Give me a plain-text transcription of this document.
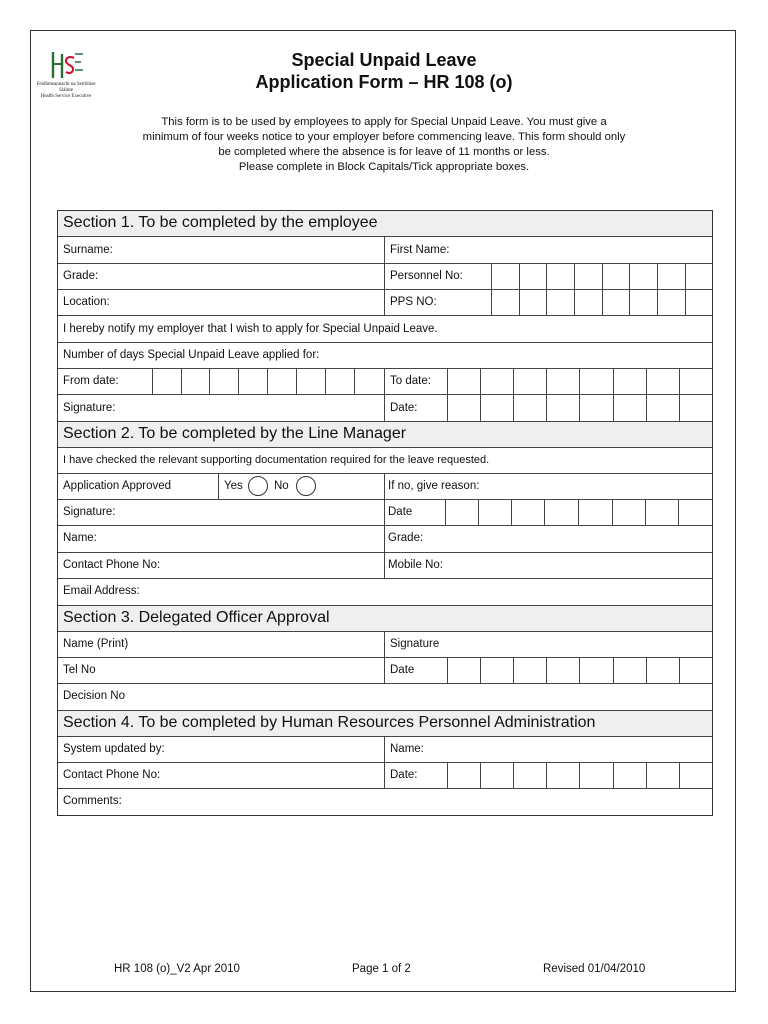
Feidhmeannacht na Seirbhíse Sláinte
Health Service Executive
Special Unpaid Leave
Application Form – HR 108 (o)
This form is to be used by employees to apply for Special Unpaid Leave. You must give a
minimum of four weeks notice to your employer before commencing leave. This form should only
be completed where the absence is for leave of 11 months or less.
Please complete in Block Capitals/Tick appropriate boxes.
Section 1. To be completed by the employee
Surname:	First Name:
Grade:	Personnel No:
Location:	PPS NO:
I hereby notify my employer that I wish to apply for Special Unpaid Leave.
Number of days Special Unpaid Leave applied for:
From date:	To date:
Signature:	Date:
Section 2. To be completed by the Line Manager
I have checked the relevant supporting documentation required for the leave requested.
Application Approved	Yes	No	If no, give reason:
Signature:	Date
Name:	Grade:
Contact Phone No:	Mobile No:
Email Address:
Section 3. Delegated Officer Approval
Name (Print)	Signature
Tel No	Date
Decision No
Section 4. To be completed by Human Resources Personnel Administration
System updated by:	Name:
Contact Phone No:	Date:
Comments:
HR 108 (o)_V2 Apr 2010	Page 1 of 2	Revised 01/04/2010
